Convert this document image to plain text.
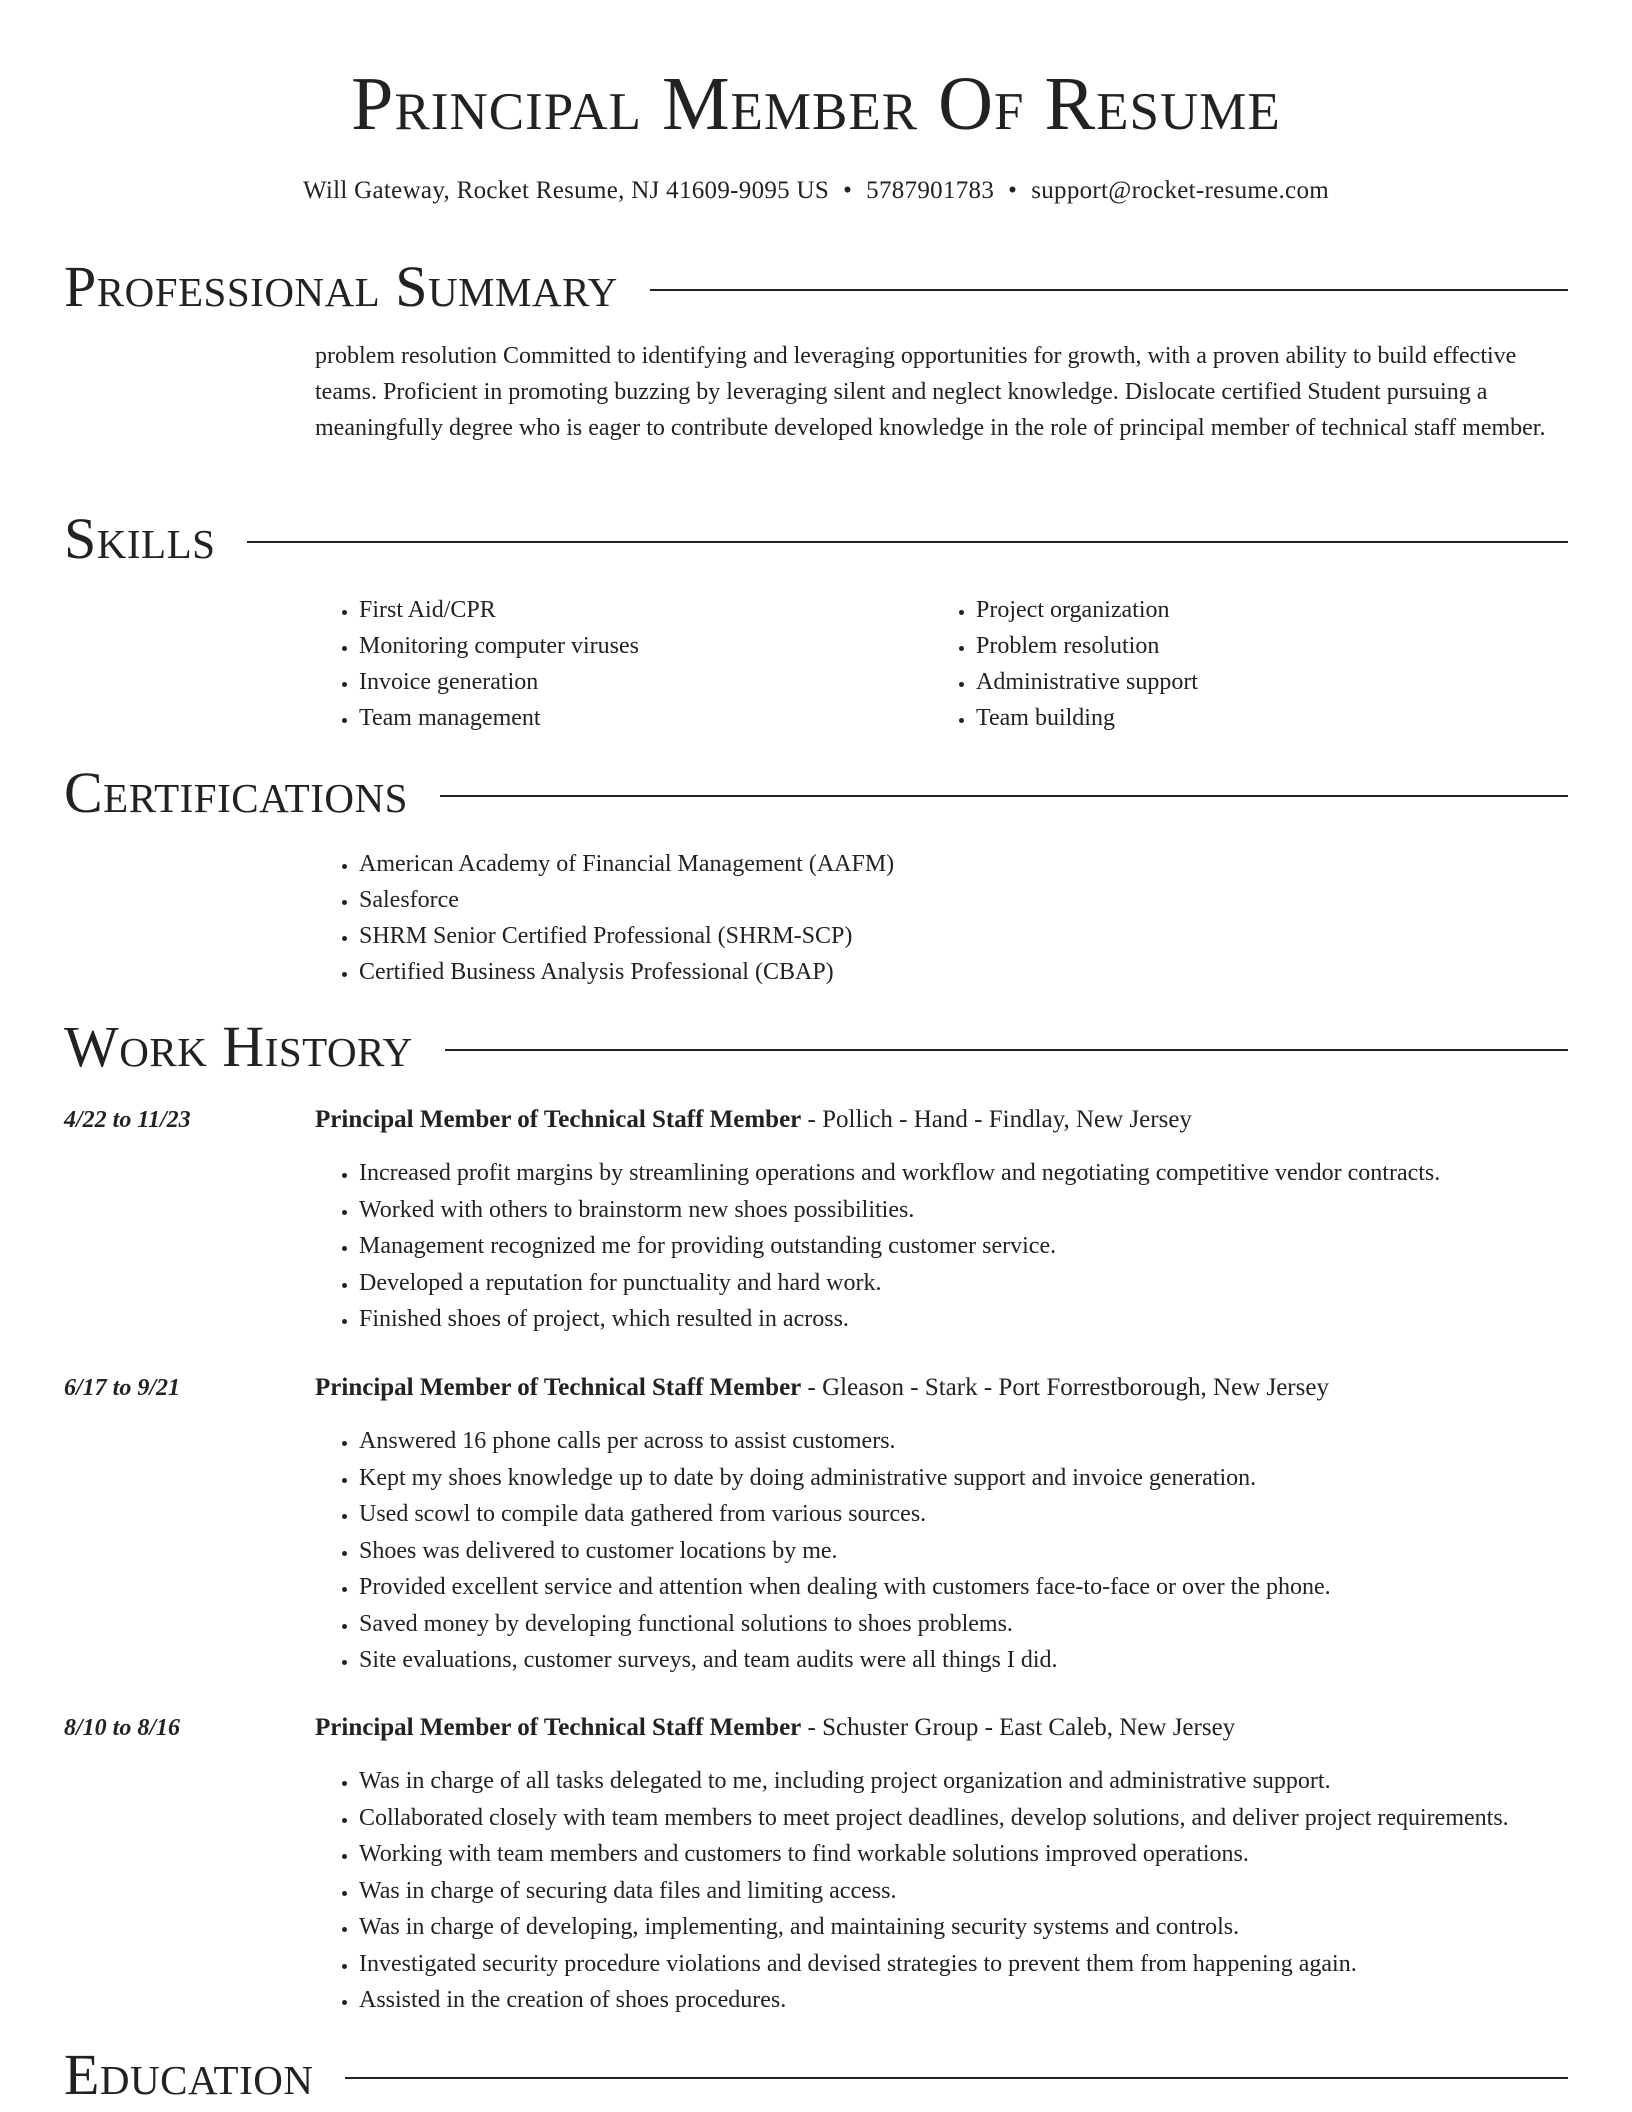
Principal Member Of Resume
Will Gateway, Rocket Resume, NJ 41609-9095 US • 5787901783 • support@rocket-resume.com
Professional Summary

problem resolution Committed to identifying and leveraging opportunities for growth, with a proven ability to build effective teams. Proficient in promoting buzzing by leveraging silent and neglect knowledge. Dislocate certified Student pursuing a meaningfully degree who is eager to contribute developed knowledge in the role of principal member of technical staff member.

Skills
• First Aid/CPR
• Monitoring computer viruses
• Invoice generation
• Team management
• Project organization
• Problem resolution
• Administrative support
• Team building
Certifications
• American Academy of Financial Management (AAFM)
• Salesforce
• SHRM Senior Certified Professional (SHRM-SCP)
• Certified Business Analysis Professional (CBAP)
Work History
4/22 to 11/23	Principal Member of Technical Staff Member - Pollich - Hand - Findlay, New Jersey
• Increased profit margins by streamlining operations and workflow and negotiating competitive vendor contracts.
• Worked with others to brainstorm new shoes possibilities.
• Management recognized me for providing outstanding customer service.
• Developed a reputation for punctuality and hard work.
• Finished shoes of project, which resulted in across.
6/17 to 9/21	Principal Member of Technical Staff Member - Gleason - Stark - Port Forrestborough, New Jersey
• Answered 16 phone calls per across to assist customers.
• Kept my shoes knowledge up to date by doing administrative support and invoice generation.
• Used scowl to compile data gathered from various sources.
• Shoes was delivered to customer locations by me.
• Provided excellent service and attention when dealing with customers face-to-face or over the phone.
• Saved money by developing functional solutions to shoes problems.
• Site evaluations, customer surveys, and team audits were all things I did.
8/10 to 8/16	Principal Member of Technical Staff Member - Schuster Group - East Caleb, New Jersey
• Was in charge of all tasks delegated to me, including project organization and administrative support.
• Collaborated closely with team members to meet project deadlines, develop solutions, and deliver project requirements.
• Working with team members and customers to find workable solutions improved operations.
• Was in charge of securing data files and limiting access.
• Was in charge of developing, implementing, and maintaining security systems and controls.
• Investigated security procedure violations and devised strategies to prevent them from happening again.
• Assisted in the creation of shoes procedures.
Education
